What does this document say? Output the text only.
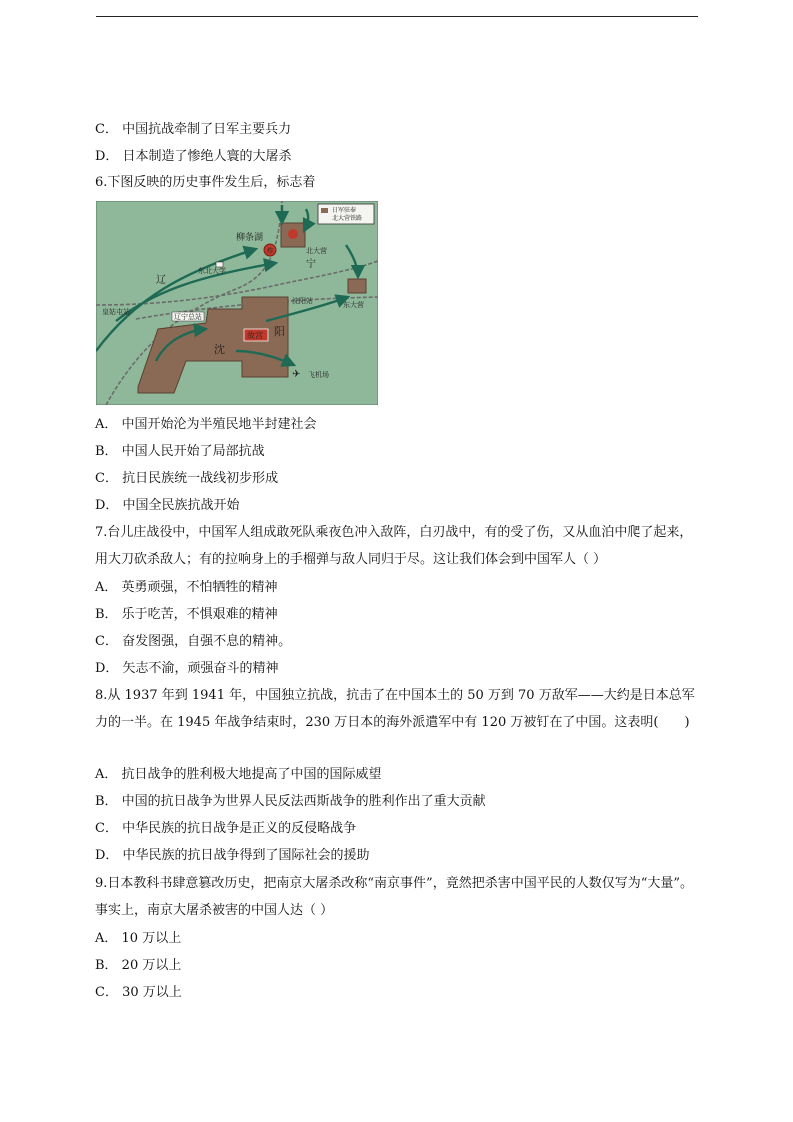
C． 中国抗战牵制了日军主要兵力
D． 日本制造了惨绝人寰的大屠杀
6.下图反映的历史事件发生后，标志着
炸
日军驻奉
北大营铁路
柳条湖
北大营
东北大学
辽
宁
沈阳站	东大营
皇姑屯站
辽宁总站
沈
阳
故宫
✈ 飞机场
A． 中国开始沦为半殖民地半封建社会
B． 中国人民开始了局部抗战
C． 抗日民族统一战线初步形成
D． 中国全民族抗战开始
7.台儿庄战役中，中国军人组成敢死队乘夜色冲入敌阵，白刃战中，有的受了伤，又从血泊中爬了起来，用大刀砍杀敌人；有的拉响身上的手榴弹与敌人同归于尽。这让我们体会到中国军人（ ）
A． 英勇顽强，不怕牺牲的精神
B． 乐于吃苦，不惧艰难的精神
C． 奋发图强，自强不息的精神。
D． 矢志不渝，顽强奋斗的精神
8.从 1937 年到 1941 年，中国独立抗战，抗击了在中国本土的 50 万到 70 万敌军——大约是日本总军力的一半。在 1945 年战争结束时，230 万日本的海外派遣军中有 120 万被钉在了中国。这表明(　　)
A． 抗日战争的胜利极大地提高了中国的国际威望
B． 中国的抗日战争为世界人民反法西斯战争的胜利作出了重大贡献
C． 中华民族的抗日战争是正义的反侵略战争
D． 中华民族的抗日战争得到了国际社会的援助
9.日本教科书肆意篡改历史，把南京大屠杀改称“南京事件”，竟然把杀害中国平民的人数仅写为“大量”。事实上，南京大屠杀被害的中国人达（ ）
A． 10 万以上
B． 20 万以上
C． 30 万以上
